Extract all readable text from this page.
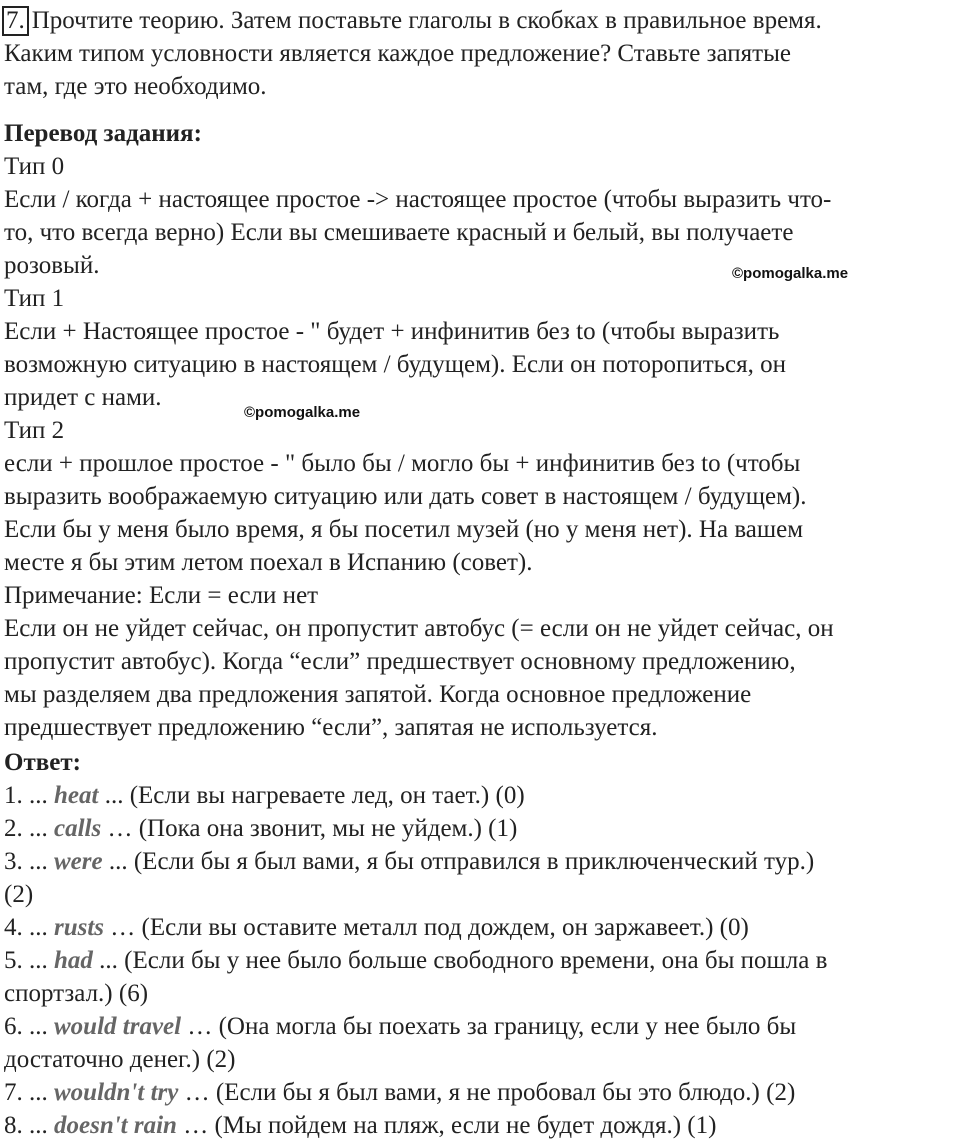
7. Прочтите теорию. Затем поставьте глаголы в скобках в правильное время.
Каким типом условности является каждое предложение? Ставьте запятые
там, где это необходимо.
Перевод задания:
Тип 0
Если / когда + настоящее простое -> настоящее простое (чтобы выразить что-
то, что всегда верно) Если вы смешиваете красный и белый, вы получаете
розовый.
Тип 1
Если + Настоящее простое - " будет + инфинитив без to (чтобы выразить
возможную ситуацию в настоящем / будущем). Если он поторопиться, он
придет с нами.
Тип 2
если + прошлое простое - " было бы / могло бы + инфинитив без to (чтобы
выразить воображаемую ситуацию или дать совет в настоящем / будущем).
Если бы у меня было время, я бы посетил музей (но у меня нет). На вашем
месте я бы этим летом поехал в Испанию (совет).
Примечание: Если = если нет
Если он не уйдет сейчас, он пропустит автобус (= если он не уйдет сейчас, он
пропустит автобус). Когда “если” предшествует основному предложению,
мы разделяем два предложения запятой. Когда основное предложение
предшествует предложению “если”, запятая не используется.
Ответ:
1. ... heat ... (Если вы нагреваете лед, он тает.) (0)
2. ... calls … (Пока она звонит, мы не уйдем.) (1)
3. ... were ... (Если бы я был вами, я бы отправился в приключенческий тур.)
(2)
4. ... rusts … (Если вы оставите металл под дождем, он заржавеет.) (0)
5. ... had ... (Если бы у нее было больше свободного времени, она бы пошла в
спортзал.) (6)
6. ... would travel … (Она могла бы поехать за границу, если у нее было бы
достаточно денег.) (2)
7. ... wouldn't try … (Если бы я был вами, я не пробовал бы это блюдо.) (2)
8. ... doesn't rain … (Мы пойдем на пляж, если не будет дождя.) (1)
©pomogalka.me
©pomogalka.me
